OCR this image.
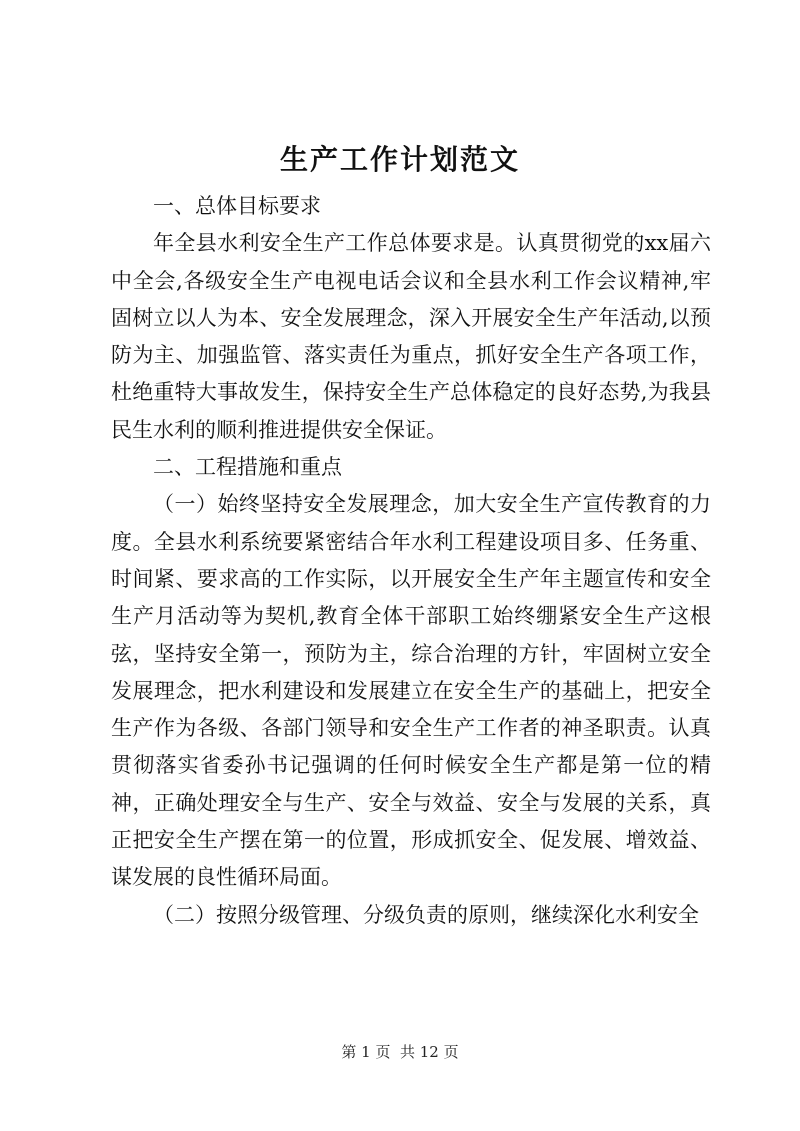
生产工作计划范文

一、总体目标要求

年全县水利安全生产工作总体要求是。认真贯彻党的xx届六中全会,各级安全生产电视电话会议和全县水利工作会议精神,牢固树立以人为本、安全发展理念，深入开展安全生产年活动,以预防为主、加强监管、落实责任为重点，抓好安全生产各项工作，杜绝重特大事故发生，保持安全生产总体稳定的良好态势,为我县民生水利的顺利推进提供安全保证。

二、工程措施和重点

（一）始终坚持安全发展理念，加大安全生产宣传教育的力度。全县水利系统要紧密结合年水利工程建设项目多、任务重、时间紧、要求高的工作实际，以开展安全生产年主题宣传和安全生产月活动等为契机,教育全体干部职工始终绷紧安全生产这根弦，坚持安全第一，预防为主，综合治理的方针，牢固树立安全发展理念，把水利建设和发展建立在安全生产的基础上，把安全生产作为各级、各部门领导和安全生产工作者的神圣职责。认真贯彻落实省委孙书记强调的任何时候安全生产都是第一位的精神，正确处理安全与生产、安全与效益、安全与发展的关系，真正把安全生产摆在第一的位置，形成抓安全、促发展、增效益、谋发展的良性循环局面。

（二）按照分级管理、分级负责的原则，继续深化水利安全

第 1 页  共 12 页
